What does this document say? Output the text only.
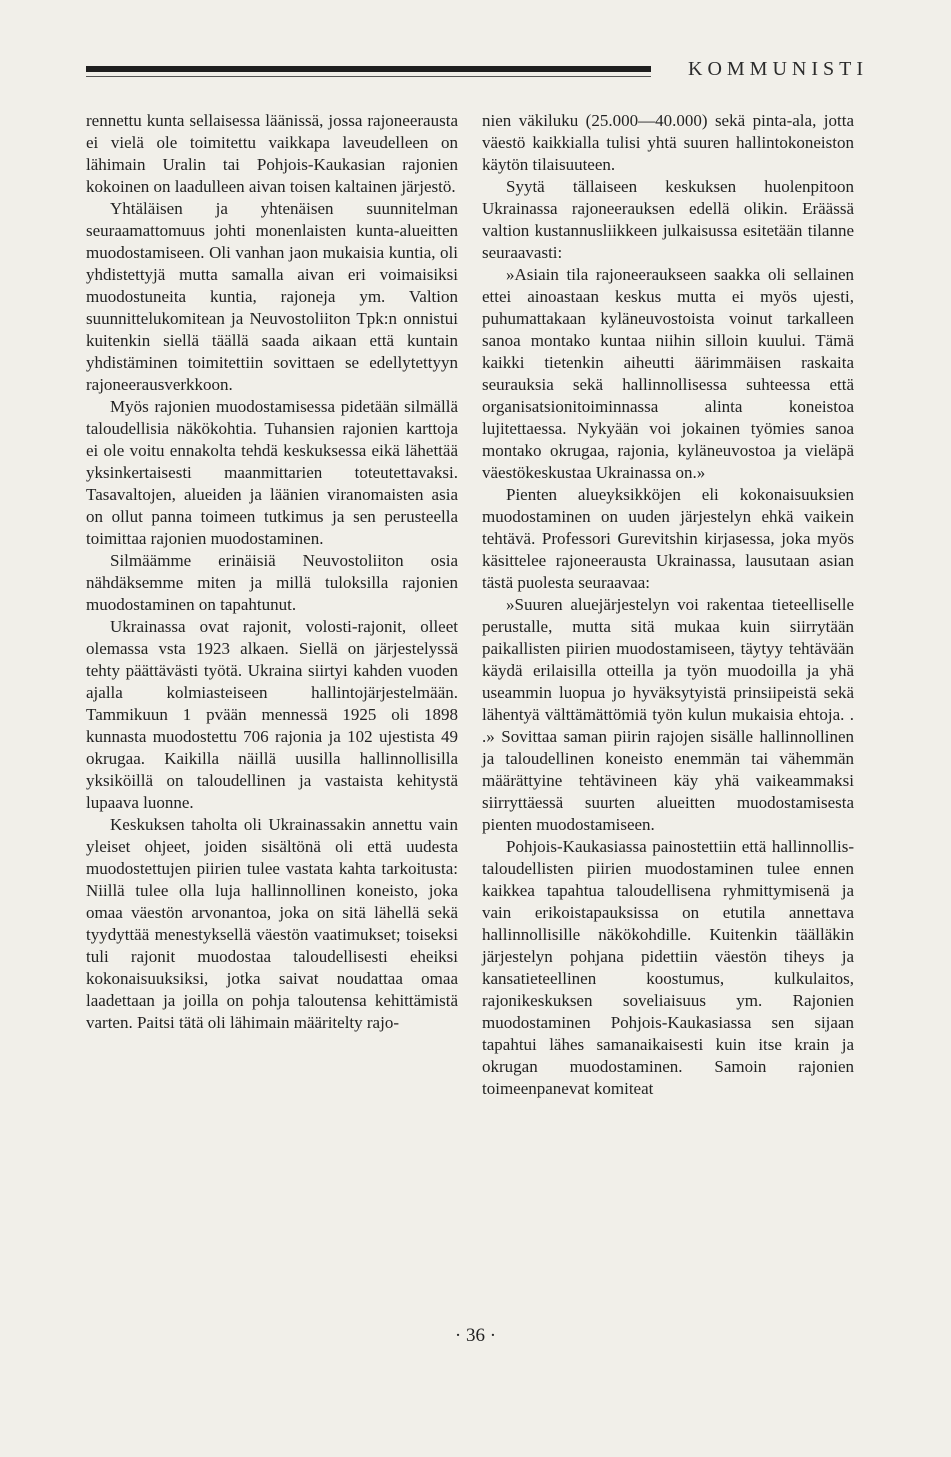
KOMMUNISTI

rennettu kunta sellaisessa läänissä, jossa rajoneerausta ei vielä ole toimitettu vaikkapa laveudelleen on lähimain Uralin tai Pohjois-Kaukasian rajonien kokoinen on laadulleen aivan toisen kaltainen järjestö.

Yhtäläisen ja yhtenäisen suunnitelman seuraamattomuus johti monenlaisten kunta-alueitten muodostamiseen. Oli vanhan jaon mukaisia kuntia, oli yhdistettyjä mutta samalla aivan eri voimaisiksi muodostuneita kuntia, rajoneja ym. Valtion suunnittelukomitean ja Neuvostoliiton Tpk:n onnistui kuitenkin siellä täällä saada aikaan että kuntain yhdistäminen toimitettiin sovittaen se edellytettyyn rajoneerausverkkoon.

Myös rajonien muodostamisessa pidetään silmällä taloudellisia näkökohtia. Tuhansien rajonien karttoja ei ole voitu ennakolta tehdä keskuksessa eikä lähettää yksinkertaisesti maanmittarien toteutettavaksi. Tasavaltojen, alueiden ja läänien viranomaisten asia on ollut panna toimeen tutkimus ja sen perusteella toimittaa rajonien muodostaminen.

Silmäämme erinäisiä Neuvostoliiton osia nähdäksemme miten ja millä tuloksilla rajonien muodostaminen on tapahtunut.

Ukrainassa ovat rajonit, volosti-rajonit, olleet olemassa vsta 1923 alkaen. Siellä on järjestelyssä tehty päättävästi työtä. Ukraina siirtyi kahden vuoden ajalla kolmiasteiseen hallintojärjestelmään. Tammikuun 1 pvään mennessä 1925 oli 1898 kunnasta muodostettu 706 rajonia ja 102 ujestista 49 okrugaa. Kaikilla näillä uusilla hallinnollisilla yksiköillä on taloudellinen ja vastaista kehitystä lupaava luonne.

Keskuksen taholta oli Ukrainassakin annettu vain yleiset ohjeet, joiden sisältönä oli että uudesta muodostettujen piirien tulee vastata kahta tarkoitusta: Niillä tulee olla luja hallinnollinen koneisto, joka omaa väestön arvonantoa, joka on sitä lähellä sekä tyydyttää menestyksellä väestön vaatimukset; toiseksi tuli rajonit muodostaa taloudellisesti eheiksi kokonaisuuksiksi, jotka saivat noudattaa omaa laadettaan ja joilla on pohja taloutensa kehittämistä varten. Paitsi tätä oli lähimain määritelty rajo-

nien väkiluku (25.000—40.000) sekä pinta-ala, jotta väestö kaikkialla tulisi yhtä suuren hallintokoneiston käytön tilaisuuteen.

Syytä tällaiseen keskuksen huolenpitoon Ukrainassa rajoneerauksen edellä olikin. Eräässä valtion kustannusliikkeen julkaisussa esitetään tilanne seuraavasti:

»Asiain tila rajoneeraukseen saakka oli sellainen ettei ainoastaan keskus mutta ei myös ujesti, puhumattakaan kyläneuvostoista voinut tarkalleen sanoa montako kuntaa niihin silloin kuului. Tämä kaikki tietenkin aiheutti äärimmäisen raskaita seurauksia sekä hallinnollisessa suhteessa että organisatsionitoiminnassa alinta koneistoa lujitettaessa. Nykyään voi jokainen työmies sanoa montako okrugaa, rajonia, kyläneuvostoa ja vieläpä väestökeskustaa Ukrainassa on.»

Pienten alueyksikköjen eli kokonaisuuksien muodostaminen on uuden järjestelyn ehkä vaikein tehtävä. Professori Gurevitshin kirjasessa, joka myös käsittelee rajoneerausta Ukrainassa, lausutaan asian tästä puolesta seuraavaa:

»Suuren aluejärjestelyn voi rakentaa tieteelliselle perustalle, mutta sitä mukaa kuin siirrytään paikallisten piirien muodostamiseen, täytyy tehtävään käydä erilaisilla otteilla ja työn muodoilla ja yhä useammin luopua jo hyväksytyistä prinsiipeistä sekä lähentyä välttämättömiä työn kulun mukaisia ehtoja. . .» Sovittaa saman piirin rajojen sisälle hallinnollinen ja taloudellinen koneisto enemmän tai vähemmän määrättyine tehtävineen käy yhä vaikeammaksi siirryttäessä suurten alueitten muodostamisesta pienten muodostamiseen.

Pohjois-Kaukasiassa painostettiin että hallinnollis-taloudellisten piirien muodostaminen tulee ennen kaikkea tapahtua taloudellisena ryhmittymisenä ja vain erikoistapauksissa on etutila annettava hallinnollisille näkökohdille. Kuitenkin täälläkin järjestelyn pohjana pidettiin väestön tiheys ja kansatieteellinen koostumus, kulkulaitos, rajonikeskuksen soveliaisuus ym. Rajonien muodostaminen Pohjois-Kaukasiassa sen sijaan tapahtui lähes samanaikaisesti kuin itse krain ja okrugan muodostaminen. Samoin rajonien toimeenpanevat komiteat

· 36 ·
